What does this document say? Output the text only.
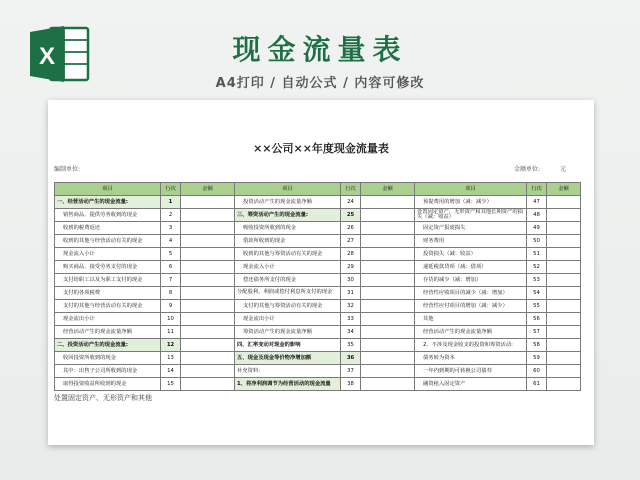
X	现金流量表
A4打印 / 自动公式 / 内容可修改
××公司××年度现金流量表
编制单位:	金额单位:	元
项目	行次	金额	项目	行次	金额	项目	行次	金额
一、经营活动产生的现金流量:	1		投资活动产生的现金流量净额	24		预提费用的增加（减：减少）	47	
销售商品、提供劳务收到的现金	2		三、筹资活动产生的现金流量:	25		处置固定资产、无形资产和其他长期资产的损失（减：收益）	48	
收到的税费返还	3		吸收投资所收到的现金	26		固定资产报废损失	49	
收到的其他与经营活动有关的现金	4		借款所收到的现金	27		财务费用	50	
现金流入小计	5		收到的其他与筹资活动有关的现金	28		投资损失（减：收益）	51	
购买商品、接受劳务支付的现金	6		现金流入小计	29		递延税款贷项（减：借项）	52	
支付给职工以及为职工支付的现金	7		偿还债务所支付的现金	30		存货的减少（减：增加）	53	
支付的各项税费	8		分配股利、利润或偿付利息所支付的现金	31		经营性应收项目的减少（减：增加）	54	
支付的其他与经营活动有关的现金	9		支付的其他与筹资活动有关的现金	32		经营性应付项目的增加（减：减少）	55	
现金流出小计	10		现金流出小计	33		其他	56	
经营活动产生的现金流量净额	11		筹资活动产生的现金流量净额	34		经营活动产生的现金流量净额	57	
二、投资活动产生的现金流量:	12		四、汇率变动对现金的影响	35		2、不涉及现金收支的投资和筹资活动:	58	
收回投资所收到的现金	13		五、现金及现金等价物净增加额	36		债务转为资本	59	
其中：出售子公司所收到的现金	14		补充资料:	37		一年内到期的可转换公司债券	60	
取得投资收益所收到的现金	15		1、将净利润调节为经营活动的现金流量	38		融资租入固定资产	61	
处置固定资产、无形资产和其他
